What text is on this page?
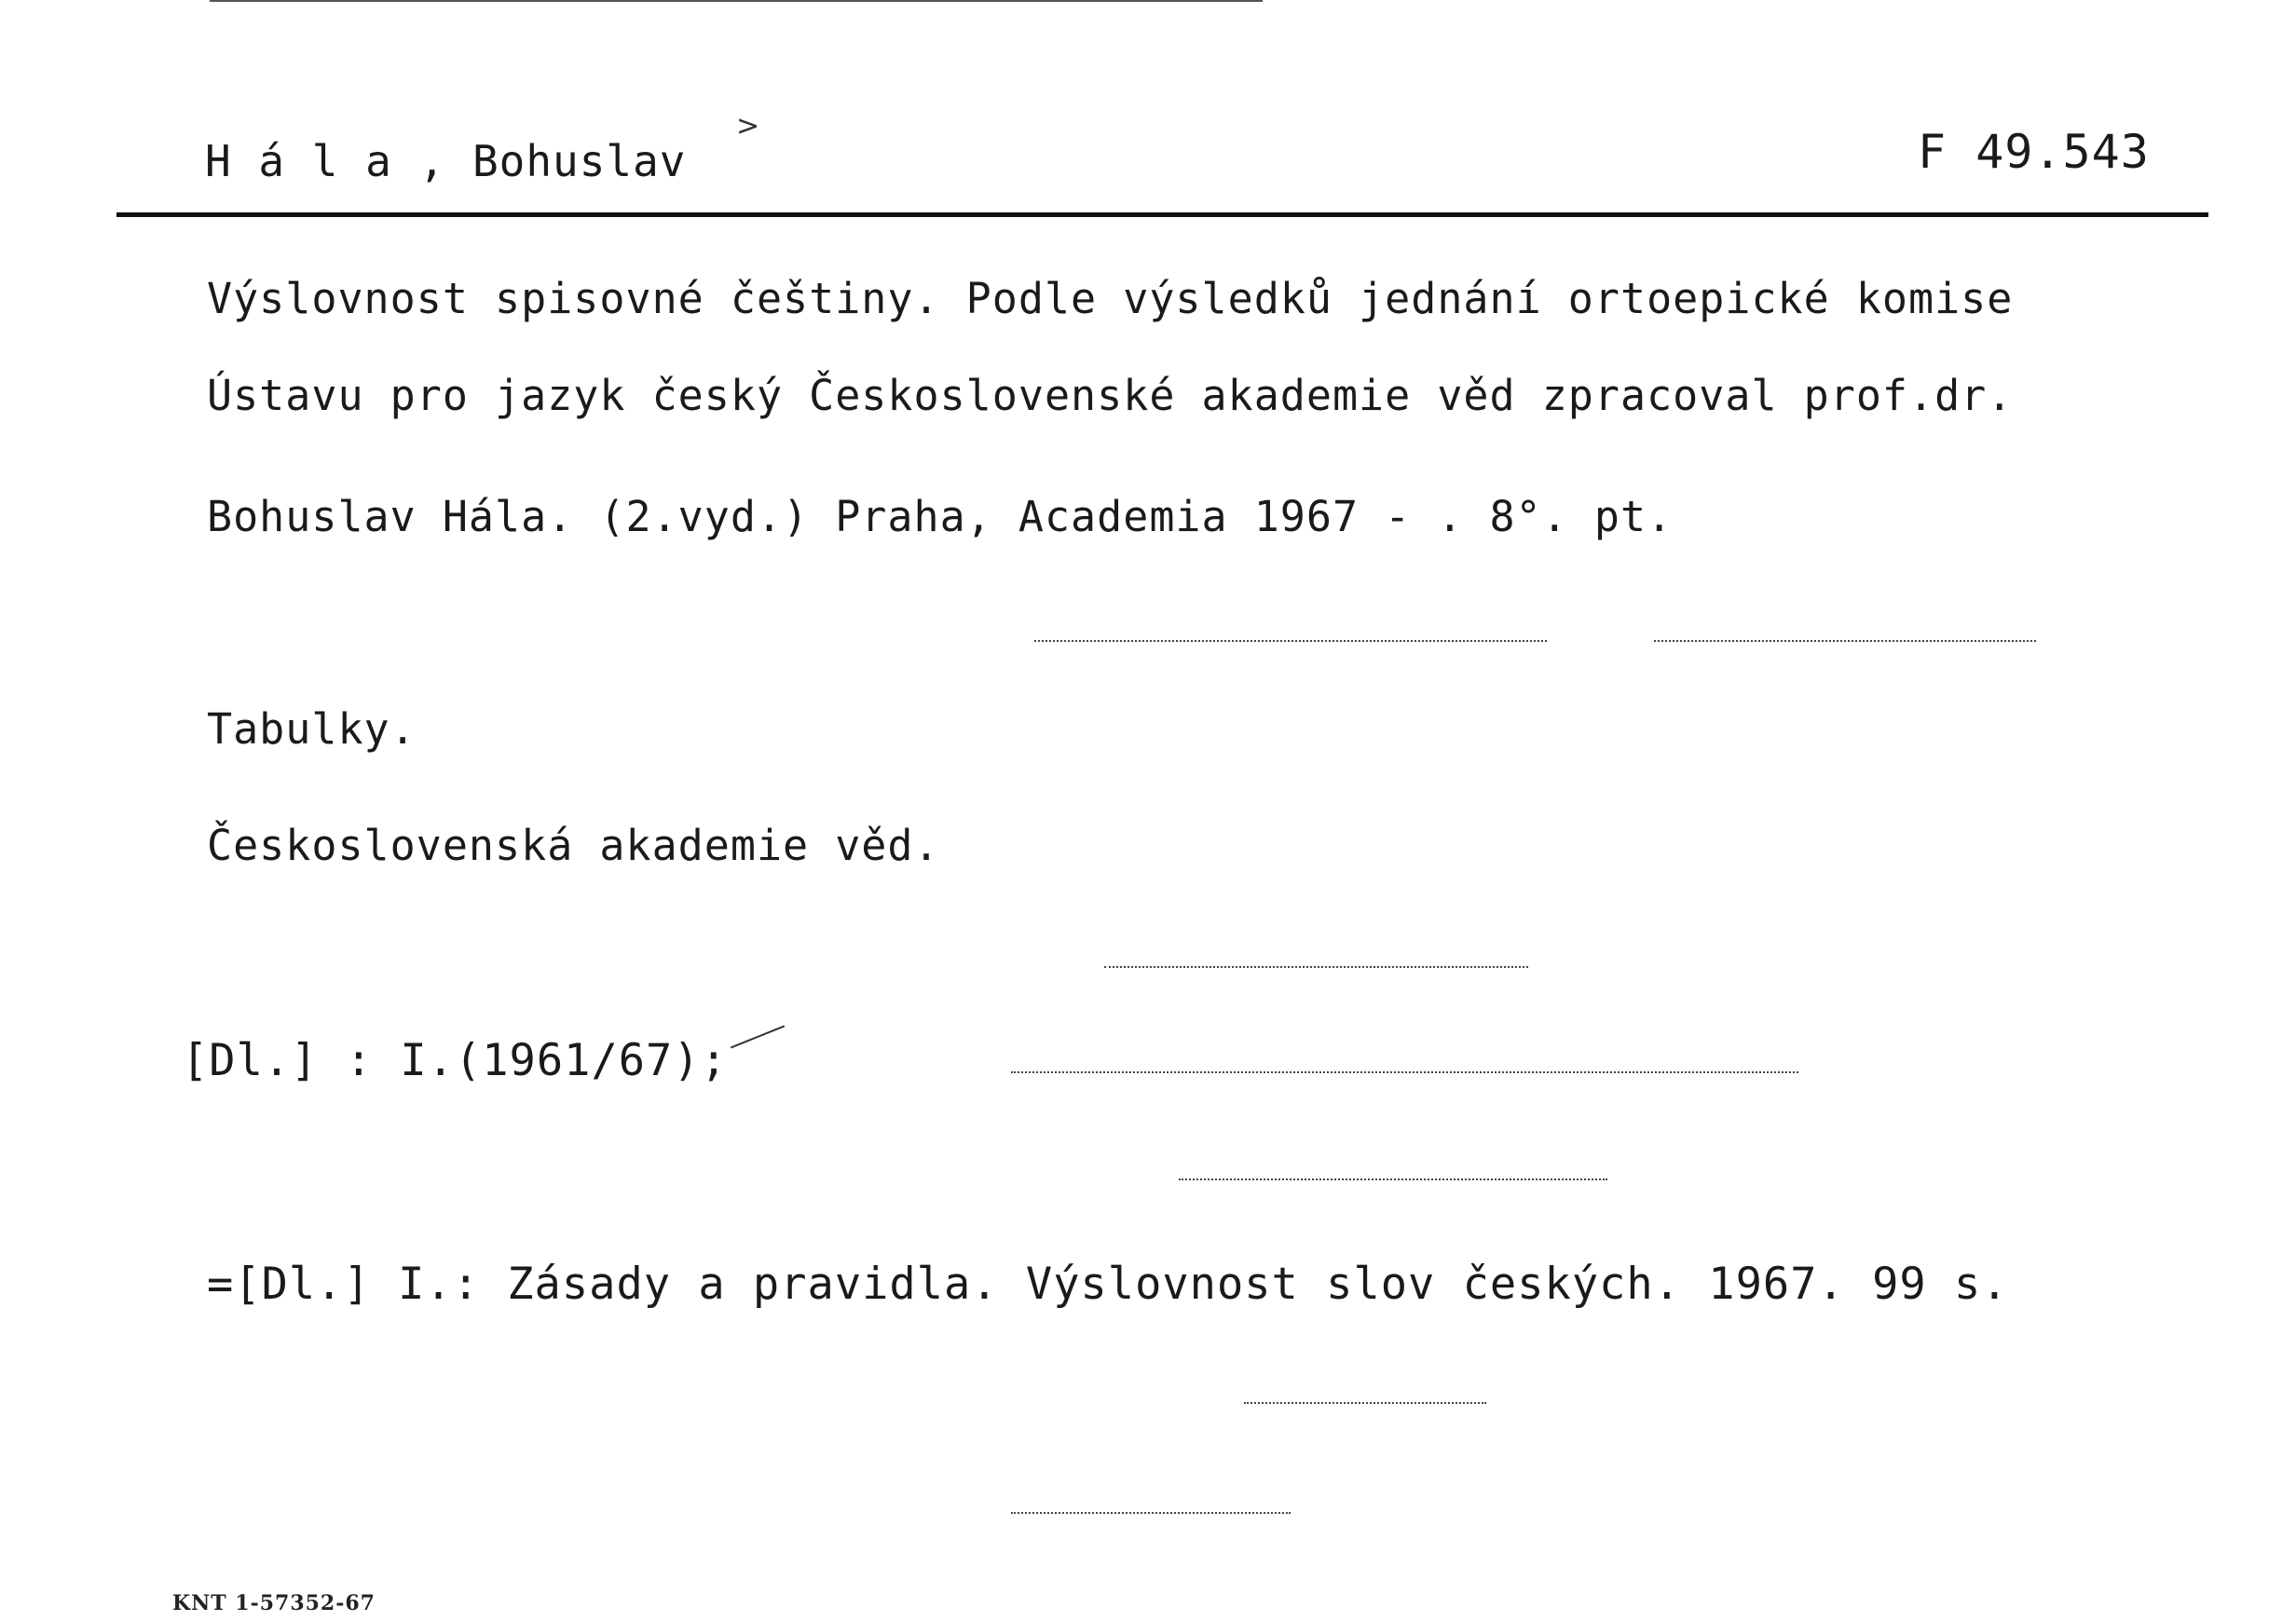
H á l a , Bohuslav	F 49.543
>
Výslovnost spisovné češtiny. Podle výsledků jednání ortoepické komise
Ústavu pro jazyk český Československé akademie věd zpracoval prof.dr.
Bohuslav Hála. (2.vyd.) Praha, Academia 1967 - . 8°. pt.
Tabulky.
Československá akademie věd.
[Dl.] : I.(1961/67);
=[Dl.] I.: Zásady a pravidla. Výslovnost slov českých. 1967. 99 s.
KNT 1-57352-67
